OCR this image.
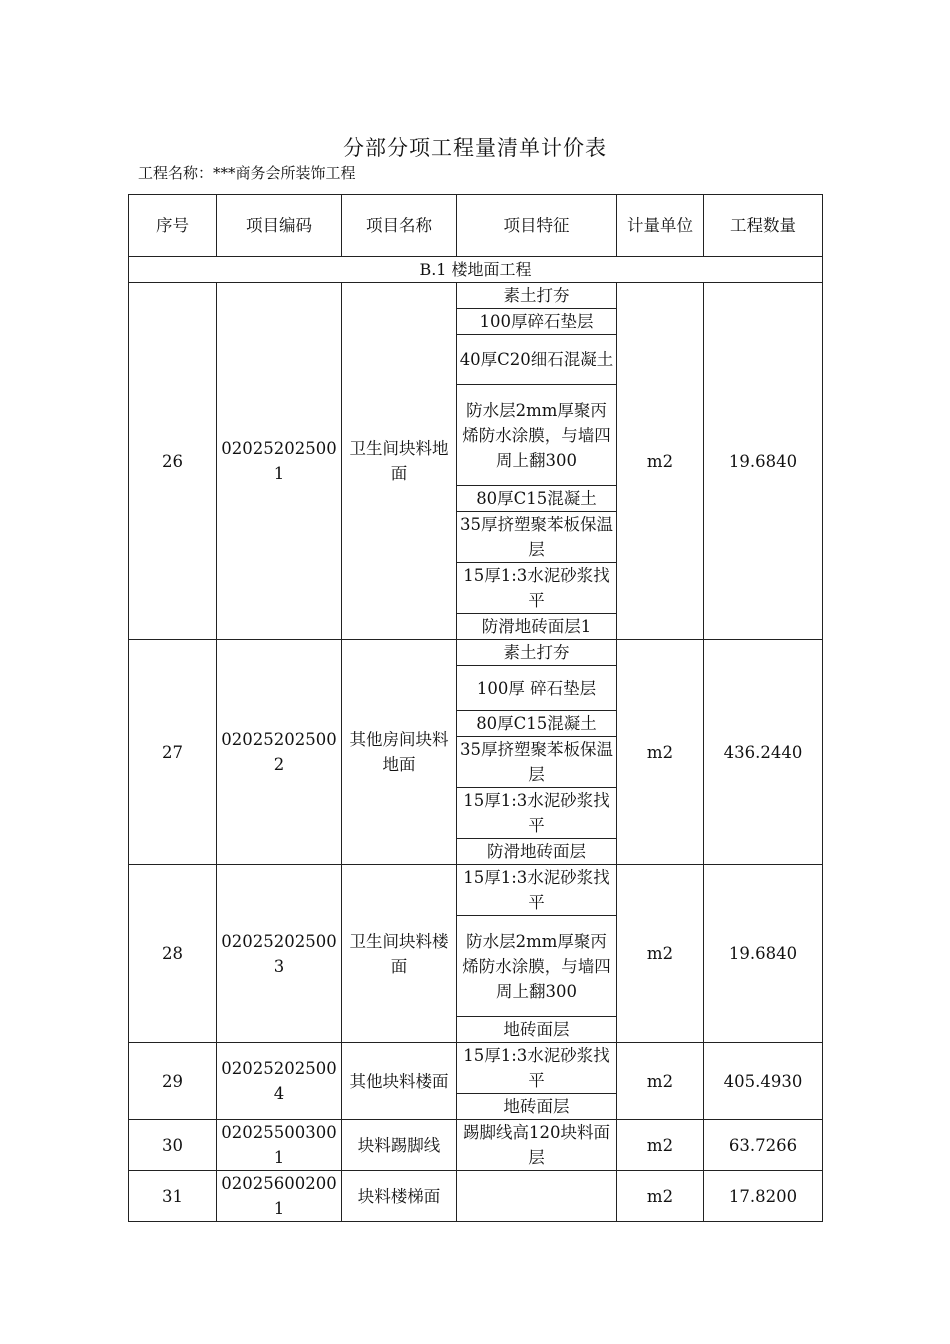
分部分项工程量清单计价表
工程名称：***商务会所装饰工程
序号	项目编码	项目名称	项目特征	计量单位	工程数量
B.1 楼地面工程					
26	020252025001	卫生间块料地面	素土打夯	m2	19.6840
			100厚碎石垫层		
			40厚C20细石混凝土		
			防水层2mm厚聚丙烯防水涂膜，与墙四周上翻300		
			80厚C15混凝土		
			35厚挤塑聚苯板保温层		
			15厚1:3水泥砂浆找平		
			防滑地砖面层1		
27	020252025002	其他房间块料地面	素土打夯	m2	436.2440
			100厚 碎石垫层		
			80厚C15混凝土		
			35厚挤塑聚苯板保温层		
			15厚1:3水泥砂浆找平		
			防滑地砖面层		
28	020252025003	卫生间块料楼面	15厚1:3水泥砂浆找平	m2	19.6840
			防水层2mm厚聚丙烯防水涂膜，与墙四周上翻300		
			地砖面层		
29	020252025004	其他块料楼面	15厚1:3水泥砂浆找平	m2	405.4930
			地砖面层		
30	020255003001	块料踢脚线	踢脚线高120块料面层	m2	63.7266
31	020256002001	块料楼梯面		m2	17.8200
